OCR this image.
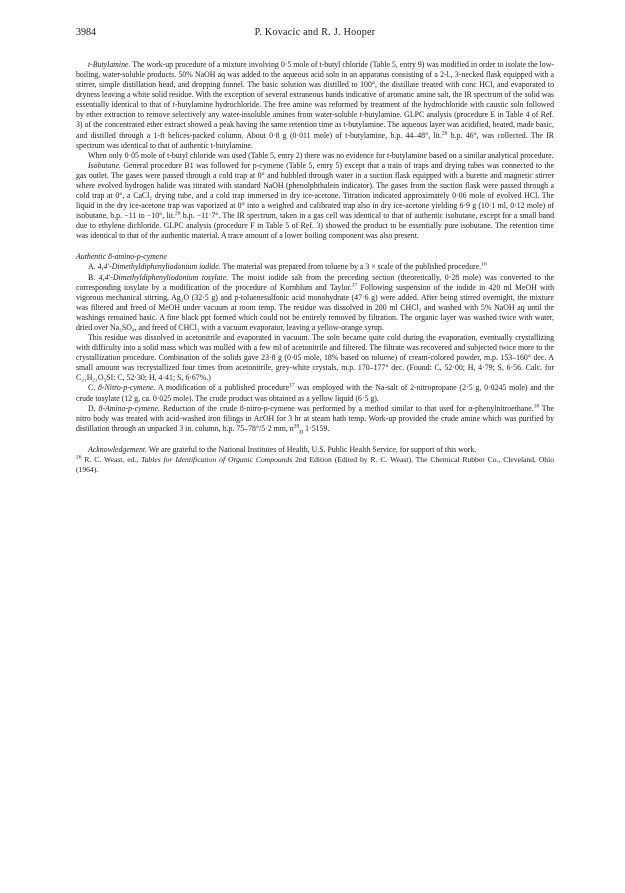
3984	P. Kovacic and R. J. Hooper

t-Butylamine. The work-up procedure of a mixture involving 0·5 mole of t-butyl chloride (Table 5, entry 9) was modified in order to isolate the low-boiling, water-soluble products. 50% NaOH aq was added to the aqueous acid soln in an apparatus consisting of a 2-l., 3-necked flask equipped with a stirrer, simple distillation head, and dropping funnel. The basic solution was distilled to 100°, the distillate treated with conc HCl, and evaporated to dryness leaving a white solid residue. With the exception of several extraneous bands indicative of aromatic amine salt, the IR spectrum of the solid was essentially identical to that of t-butylamine hydrochloride. The free amine was reformed by treatment of the hydrochloride with caustic soln followed by ether extraction to remove selectively any water-insoluble amines from water-soluble t-butylamine. GLPC analysis (procedure E in Table 4 of Ref. 3) of the concentrated ether extract showed a peak having the same retention time as t-butylamine. The aqueous layer was acidified, heated, made basic, and distilled through a 1-ft helices-packed column. About 0·8 g (0·011 mole) of t-butylamine, b.p. 44–48°, lit.$^{26}$ b.p. 46°, was collected. The IR spectrum was identical to that of authentic t-butylamine.

When only 0·05 mole of t-butyl chloride was used (Table 5, entry 2) there was no evidence for t-butylamine based on a similar analytical procedure.

Isobutane. General procedure B1 was followed for p-cymene (Table 5, entry 5) except that a train of traps and drying tubes was connected to the gas outlet. The gases were passed through a cold trap at 0° and bubbled through water in a suction flask equipped with a burette and magnetic stirrer where evolved hydrogen halide was titrated with standard NaOH (phenolphthalein indicator). The gases from the suction flask were passed through a cold trap at 0°, a CaCl₂ drying tube, and a cold trap immersed in dry ice-acetone. Titration indicated approximately 0·06 mole of evolved HCl. The liquid in the dry ice-acetone trap was vaporized at 0° into a weighed and calibrated trap also in dry ice-acetone yielding 6·9 g (10·1 ml, 0·12 mole) of isobutane, b.p. −11 to −10°, lit.$^{26}$ b.p. −11·7°. The IR spectrum, taken in a gas cell was identical to that of authentic isobutane, except for a small band due to ethylene dichloride. GLPC analysis (procedure F in Table 5 of Ref. 3) showed the product to be essentially pure isobutane. The retention time was identical to that of the authentic material. A trace amount of a lower boiling component was also present.

Authentic 8-amino-p-cymene

A. 4,4′-Dimethyldiphenyliodonium iodide. The material was prepared from toluene by a 3 × scale of the published procedure.$^{16}$

B. 4,4′-Dimethyldiphenyliodonium tosylate. The moist iodide salt from the preceding section (theoretically, 0·28 mole) was converted to the corresponding tosylate by a modification of the procedure of Kornblum and Taylor.$^{17}$ Following suspension of the iodide in 420 ml MeOH with vigorous mechanical stirring, Ag₂O (32·5 g) and p-toluenesulfonic acid monohydrate (47·6 g) were added. After being stirred overnight, the mixture was filtered and freed of MeOH under vacuum at room temp. The residue was dissolved in 200 ml CHCl₃ and washed with 5% NaOH aq until the washings remained basic. A fine black ppt formed which could not be entirely removed by filtration. The organic layer was washed twice with water, dried over Na₂SO₄, and freed of CHCl₃ with a vacuum evaporator, leaving a yellow-orange syrup.

This residue was dissolved in acetonitrile and evaporated in vacuum. The soln became quite cold during the evaporation, eventually crystallizing with difficulty into a solid mass which was mulled with a few ml of acetonitrile and filtered. The filtrate was recovered and subjected twice more to the crystallization procedure. Combination of the solids gave 23·8 g (0·05 mole, 18% based on toluene) of cream-colored powder, m.p. 153–160° dec. A small amount was recrystallized four times from acetonitrile, grey-white crystals, m.p. 170–177° dec. (Found: C, 52·00; H, 4·79; S, 6·56. Calc. for C₂₁H₂₁O₃SI: C, 52·30; H, 4·41; S, 6·67%.)

C. 8-Nitro-p-cymene. A modification of a published procedure$^{17}$ was employed with the Na-salt of 2-nitropropane (2·5 g, 0·0245 mole) and the crude tosylate (12 g, ca. 0·025 mole). The crude product was obtained as a yellow liquid (6·5 g).

D. 8-Amino-p-cymene. Reduction of the crude 8-nitro-p-cymene was performed by a method similar to that used for α-phenylnitroethane.$^{18}$ The nitro body was treated with acid-washed iron filings in AcOH for 3 hr at steam bath temp. Work-up provided the crude amine which was purified by distillation through an unpacked 3 in. column, b.p. 75–78°/5·2 mm, $n^{20}_D$ 1·5159.

Acknowledgement. We are grateful to the National Institutes of Health, U.S. Public Health Service, for support of this work.

$^{26}$ R. C. Weast, ed., Tables for Identification of Organic Compounds 2nd Edition (Edited by R. C. Weast). The Chemical Rubber Co., Cleveland, Ohio (1964).
